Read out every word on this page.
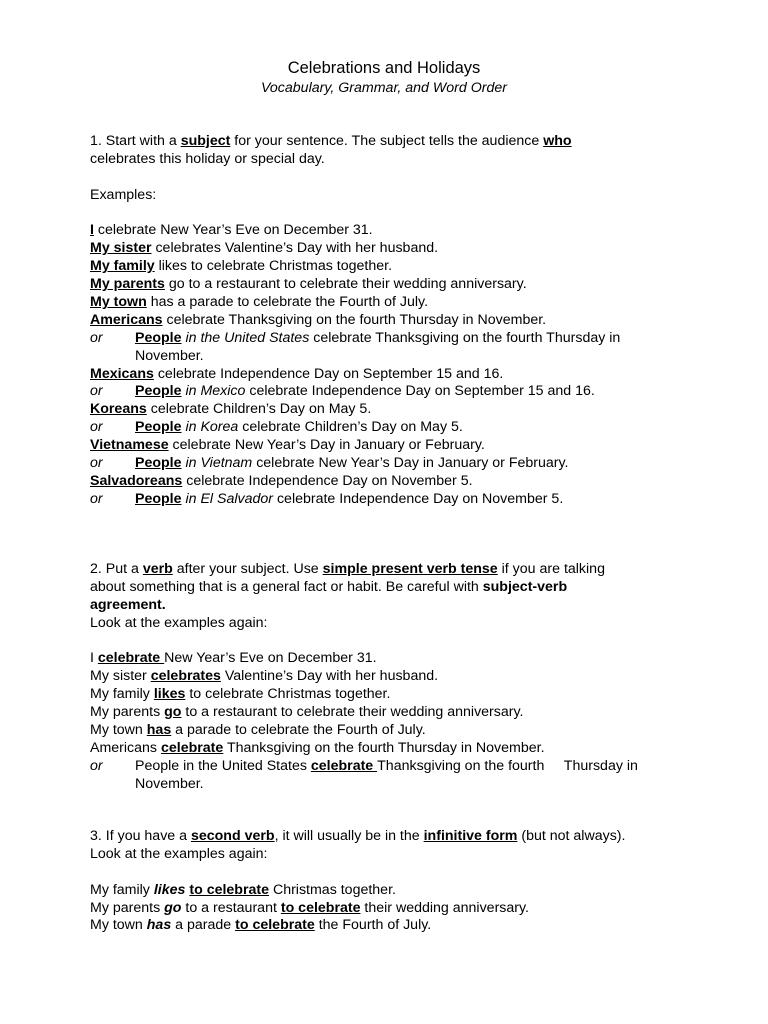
Celebrations and Holidays
Vocabulary, Grammar, and Word Order
1. Start with a subject for your sentence. The subject tells the audience who
celebrates this holiday or special day.
Examples:
I celebrate New Year’s Eve on December 31.
My sister celebrates Valentine’s Day with her husband.
My family likes to celebrate Christmas together.
My parents go to a restaurant to celebrate their wedding anniversary.
My town has a parade to celebrate the Fourth of July.
Americans celebrate Thanksgiving on the fourth Thursday in November.
or People in the United States celebrate Thanksgiving on the fourth Thursday in
November.
Mexicans celebrate Independence Day on September 15 and 16.
or People in Mexico celebrate Independence Day on September 15 and 16.
Koreans celebrate Children’s Day on May 5.
or People in Korea celebrate Children’s Day on May 5.
Vietnamese celebrate New Year’s Day in January or February.
or People in Vietnam celebrate New Year’s Day in January or February.
Salvadoreans celebrate Independence Day on November 5.
or People in El Salvador celebrate Independence Day on November 5.
2. Put a verb after your subject. Use simple present verb tense if you are talking
about something that is a general fact or habit. Be careful with subject-verb
agreement.
Look at the examples again:
I celebrate New Year’s Eve on December 31.
My sister celebrates Valentine’s Day with her husband.
My family likes to celebrate Christmas together.
My parents go to a restaurant to celebrate their wedding anniversary.
My town has a parade to celebrate the Fourth of July.
Americans celebrate Thanksgiving on the fourth Thursday in November.
or People in the United States celebrate Thanksgiving on the fourth     Thursday in
November.
3. If you have a second verb, it will usually be in the infinitive form (but not always).
Look at the examples again:
My family likes to celebrate Christmas together.
My parents go to a restaurant to celebrate their wedding anniversary.
My town has a parade to celebrate the Fourth of July.
